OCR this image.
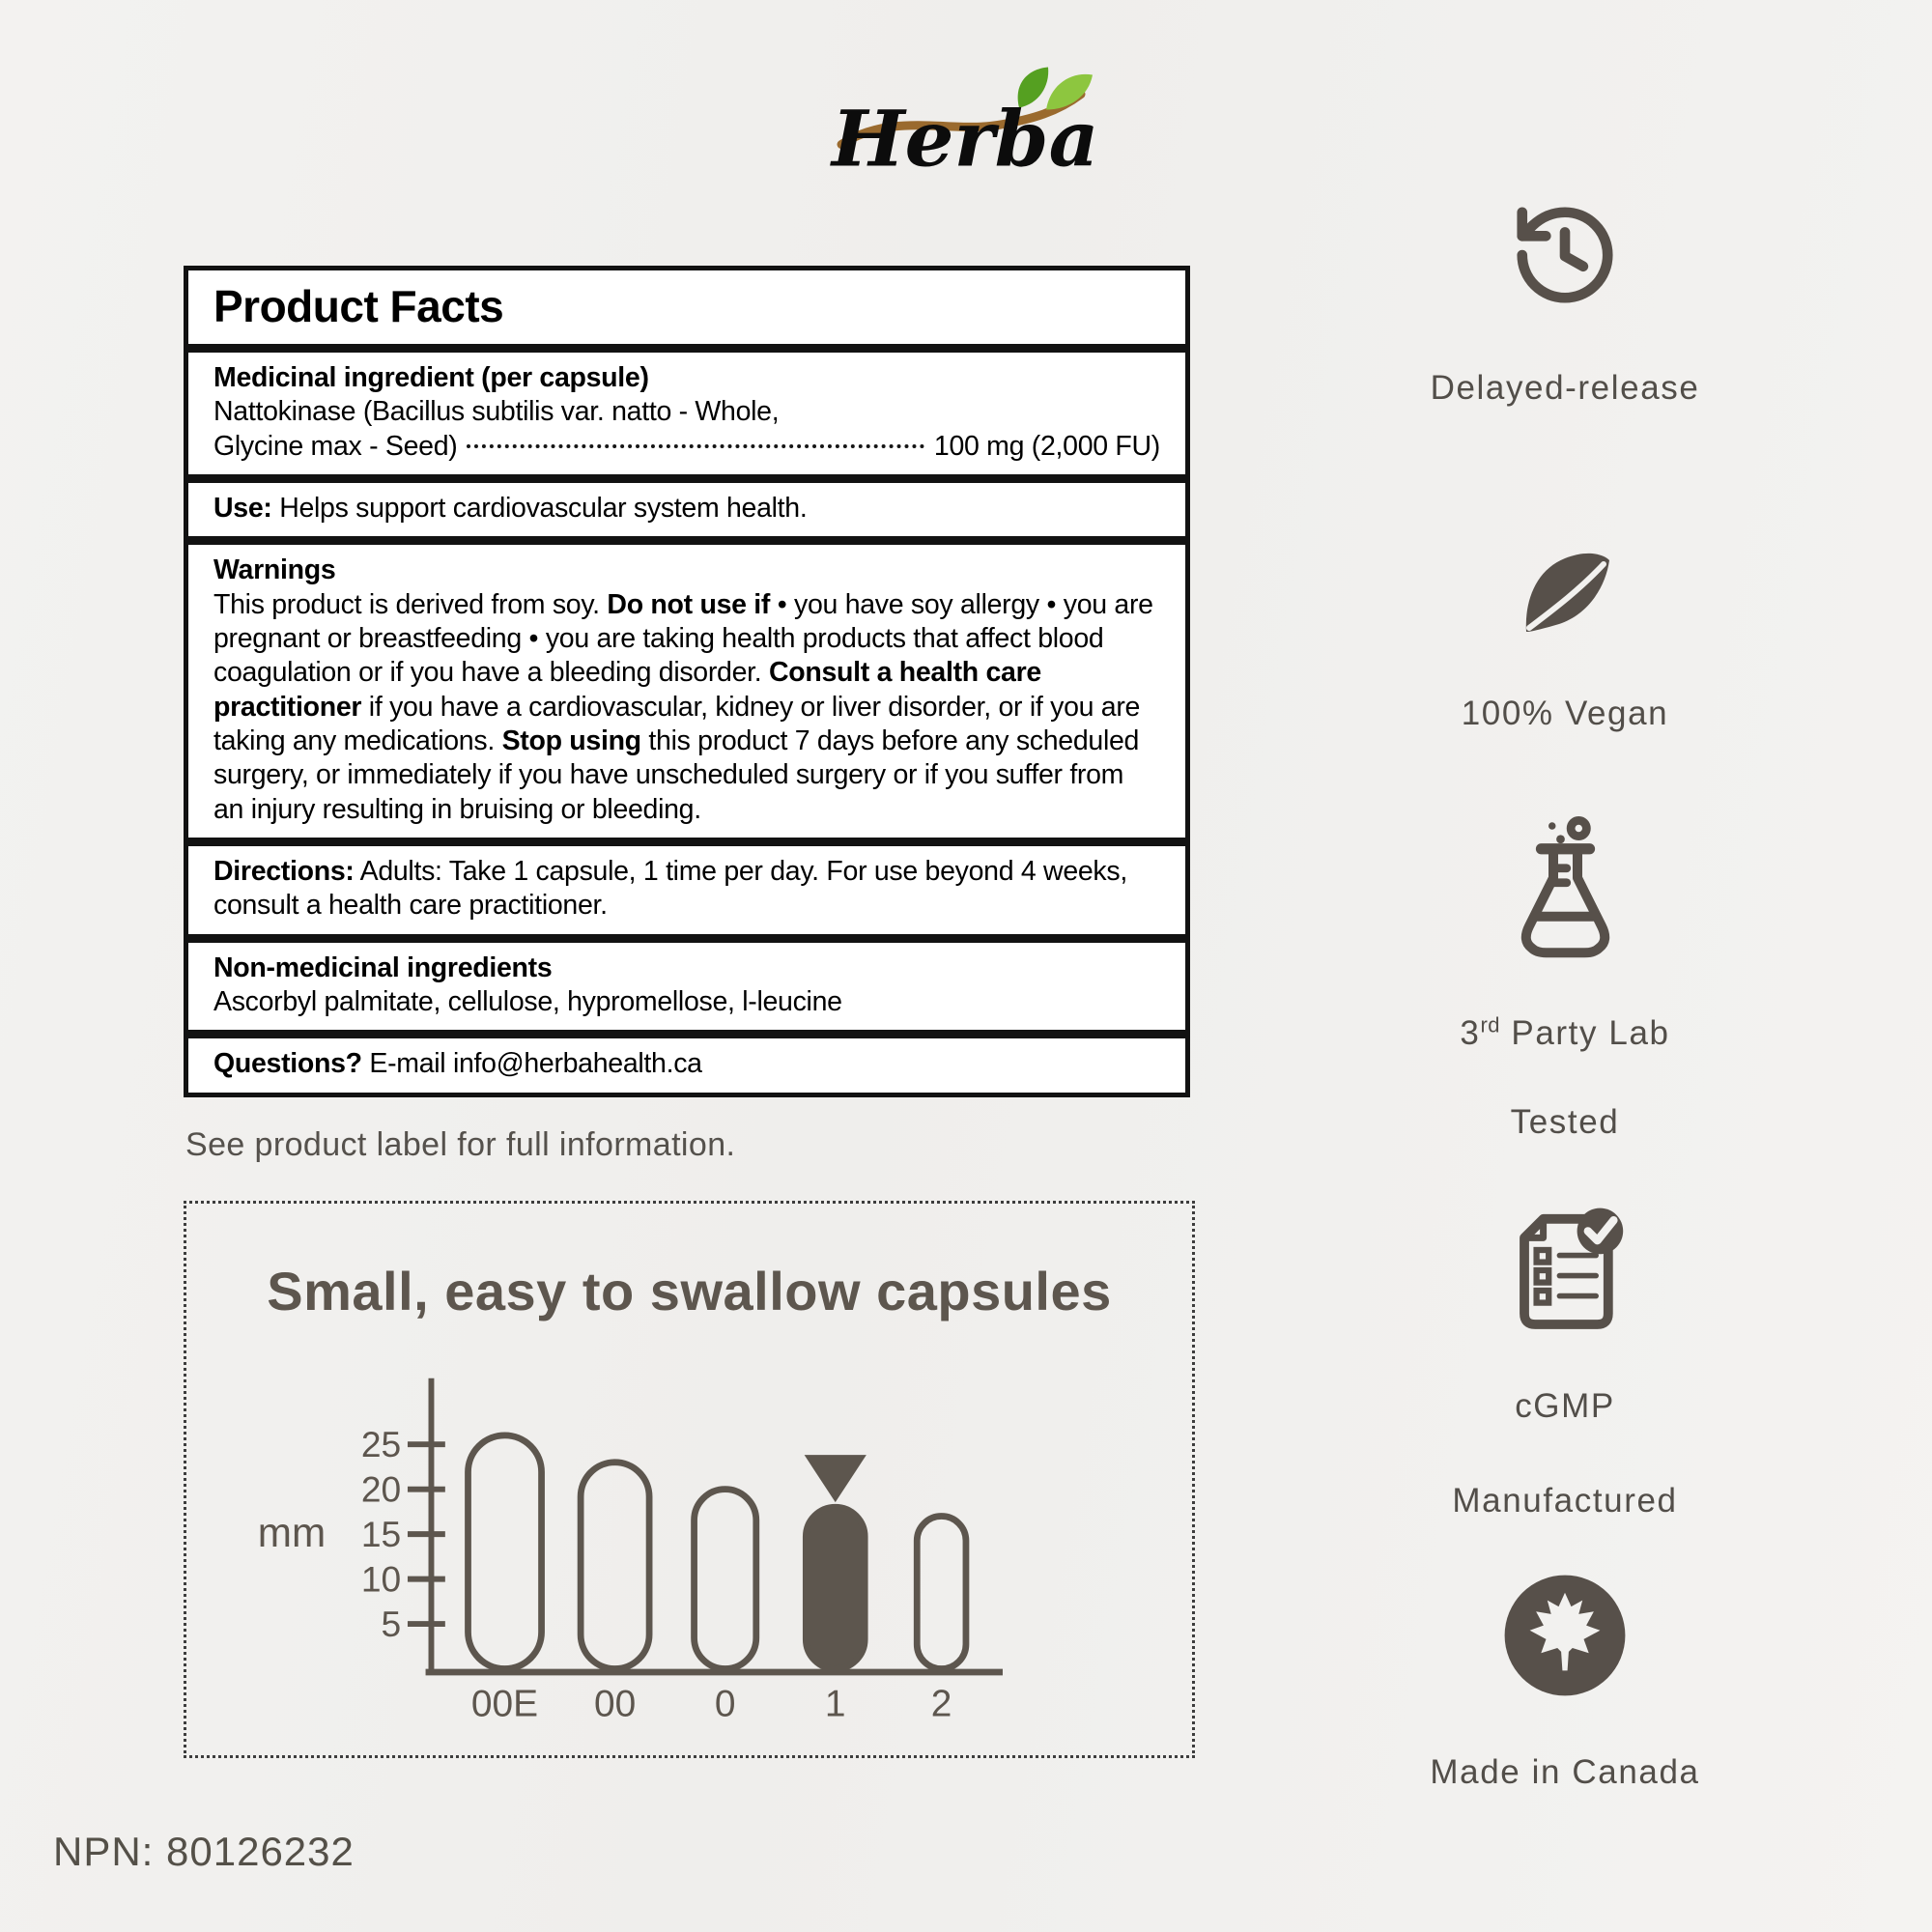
Herba
Product Facts
Medicinal ingredient (per capsule)
Nattokinase (Bacillus subtilis var. natto - Whole,
Glycine max - Seed)	100 mg (2,000 FU)
Use: Helps support cardiovascular system health.
Warnings
This product is derived from soy. Do not use if • you have soy allergy • you are pregnant or breastfeeding • you are taking health products that affect blood coagulation or if you have a bleeding disorder. Consult a health care practitioner if you have a cardiovascular, kidney or liver disorder, or if you are taking any medications. Stop using this product 7 days before any scheduled surgery, or immediately if you have unscheduled surgery or if you suffer from an injury resulting in bruising or bleeding.
Directions: Adults: Take 1 capsule, 1 time per day. For use beyond 4 weeks, consult a health care practitioner.
Non-medicinal ingredients
Ascorbyl palmitate, cellulose, hypromellose, l-leucine
Questions? E-mail info@herbahealth.ca
See product label for full information.
Small, easy to swallow capsules
5
10
15
20
25
mm
00E 00 0 1 2
Delayed-release
100% Vegan
3rd Party Lab
Tested
cGMP
Manufactured
Made in Canada
NPN: 80126232
